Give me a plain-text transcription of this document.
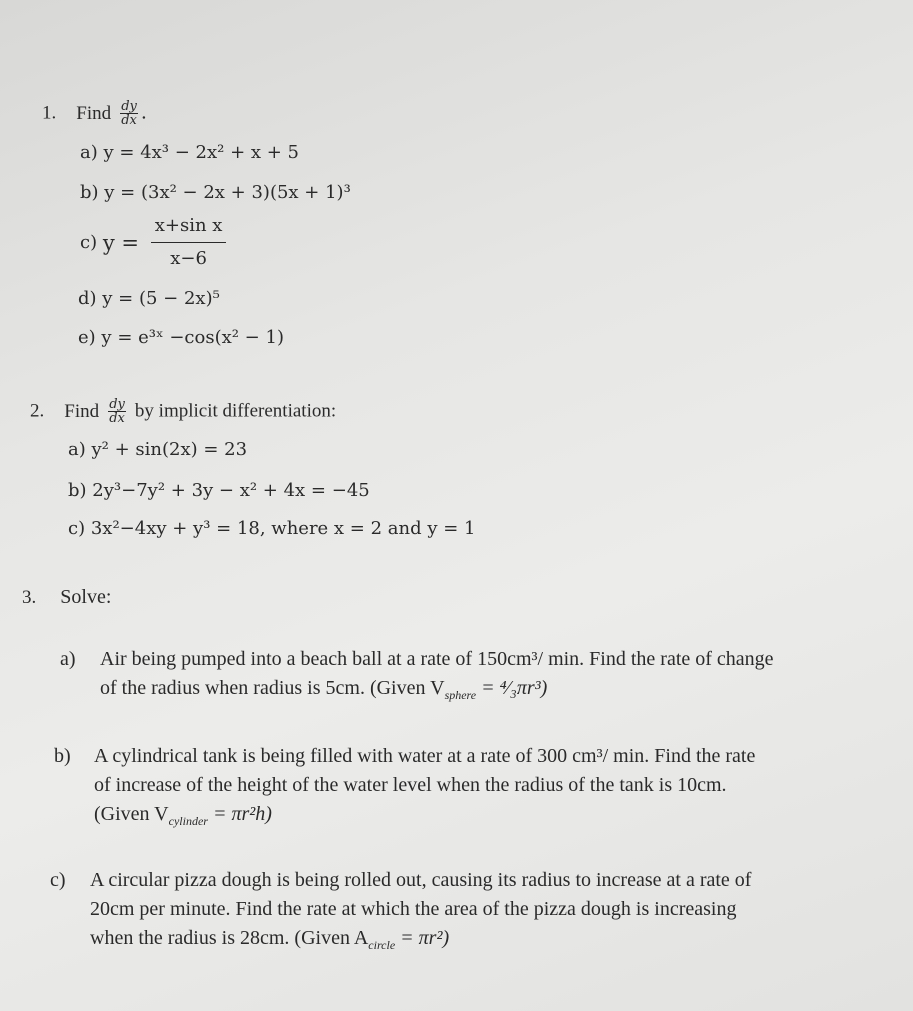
1. Find $\frac{dy}{dx}$ .
a) y = 4x³ − 2x² + x + 5
b) y = (3x² − 2x + 3)(5x + 1)³
c) $y = \frac{\text{x+sin x}}{x-6}$
d) y = (5 − 2x)⁵
e) y = e³ˣ −cos(x² − 1)
2. Find $\frac{dy}{dx}$ by implicit differentiation:
a) y² + sin(2x) = 23
b) 2y³−7y² + 3y − x² + 4x = −45
c) 3x²−4xy + y³ = 18, where x = 2 and y = 1
3. Solve:
a) Air being pumped into a beach ball at a rate of 150cm³/ min. Find the rate of change
of the radius when radius is 5cm. (Given $V_{sphere}$ = ⁴⁄₃πr³)
b) A cylindrical tank is being filled with water at a rate of 300 cm³/ min. Find the rate
of increase of the height of the water level when the radius of the tank is 10cm.
(Given $V_{cylinder} = \pi r^2h$)
c) A circular pizza dough is being rolled out, causing its radius to increase at a rate of
20cm per minute. Find the rate at which the area of the pizza dough is increasing
when the radius is 28cm. (Given $A_{circle} = \pi r^2$)
